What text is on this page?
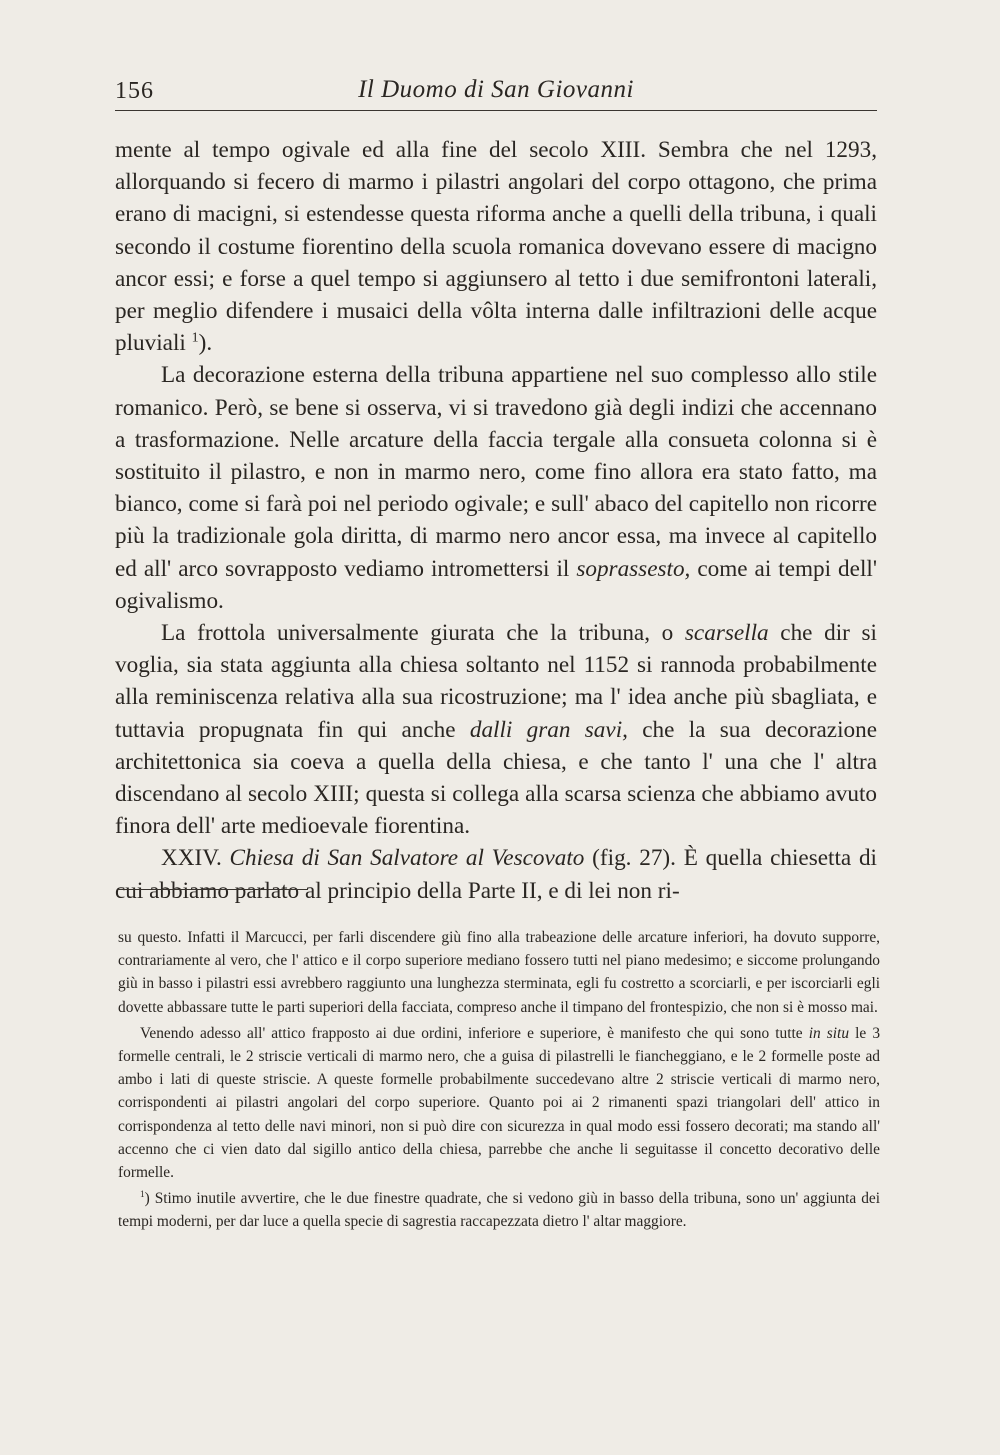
156	Il Duomo di San Giovanni

mente al tempo ogivale ed alla fine del secolo XIII. Sembra che nel 1293, allorquando si fecero di marmo i pilastri angolari del corpo ottagono, che prima erano di macigni, si estendesse questa riforma anche a quelli della tribuna, i quali secondo il costume fiorentino della scuola romanica dovevano essere di macigno ancor essi; e forse a quel tempo si aggiunsero al tetto i due semifrontoni laterali, per meglio difendere i musaici della vôlta interna dalle infiltrazioni delle acque pluviali $^1$).

La decorazione esterna della tribuna appartiene nel suo complesso allo stile romanico. Però, se bene si osserva, vi si travedono già degli indizi che accennano a trasformazione. Nelle arcature della faccia tergale alla consueta colonna si è sostituito il pilastro, e non in marmo nero, come fino allora era stato fatto, ma bianco, come si farà poi nel periodo ogivale; e sull' abaco del capitello non ricorre più la tradizionale gola diritta, di marmo nero ancor essa, ma invece al capitello ed all' arco sovrapposto vediamo intromettersi il soprassesto, come ai tempi dell' ogivalismo.

La frottola universalmente giurata che la tribuna, o scarsella che dir si voglia, sia stata aggiunta alla chiesa soltanto nel 1152 si rannoda probabilmente alla reminiscenza relativa alla sua ricostruzione; ma l' idea anche più sbagliata, e tuttavia propugnata fin qui anche dalli gran savi, che la sua decorazione architettonica sia coeva a quella della chiesa, e che tanto l' una che l' altra discendano al secolo XIII; questa si collega alla scarsa scienza che abbiamo avuto finora dell' arte medioevale fiorentina.

XXIV. Chiesa di San Salvatore al Vescovato (fig. 27). È quella chiesetta di cui abbiamo parlato al principio della Parte II, e di lei non ri-

su questo. Infatti il Marcucci, per farli discendere giù fino alla trabeazione delle arcature inferiori, ha dovuto supporre, contrariamente al vero, che l' attico e il corpo superiore mediano fossero tutti nel piano medesimo; e siccome prolungando giù in basso i pilastri essi avrebbero raggiunto una lunghezza sterminata, egli fu costretto a scorciarli, e per iscorciarli egli dovette abbassare tutte le parti superiori della facciata, compreso anche il timpano del frontespizio, che non si è mosso mai.

Venendo adesso all' attico frapposto ai due ordini, inferiore e superiore, è manifesto che qui sono tutte in situ le 3 formelle centrali, le 2 striscie verticali di marmo nero, che a guisa di pilastrelli le fiancheggiano, e le 2 formelle poste ad ambo i lati di queste striscie. A queste formelle probabilmente succedevano altre 2 striscie verticali di marmo nero, corrispondenti ai pilastri angolari del corpo superiore. Quanto poi ai 2 rimanenti spazi triangolari dell' attico in corrispondenza al tetto delle navi minori, non si può dire con sicurezza in qual modo essi fossero decorati; ma stando all' accenno che ci vien dato dal sigillo antico della chiesa, parrebbe che anche li seguitasse il concetto decorativo delle formelle.

$^1$) Stimo inutile avvertire, che le due finestre quadrate, che si vedono giù in basso della tribuna, sono un' aggiunta dei tempi moderni, per dar luce a quella specie di sagrestia raccapezzata dietro l' altar maggiore.
